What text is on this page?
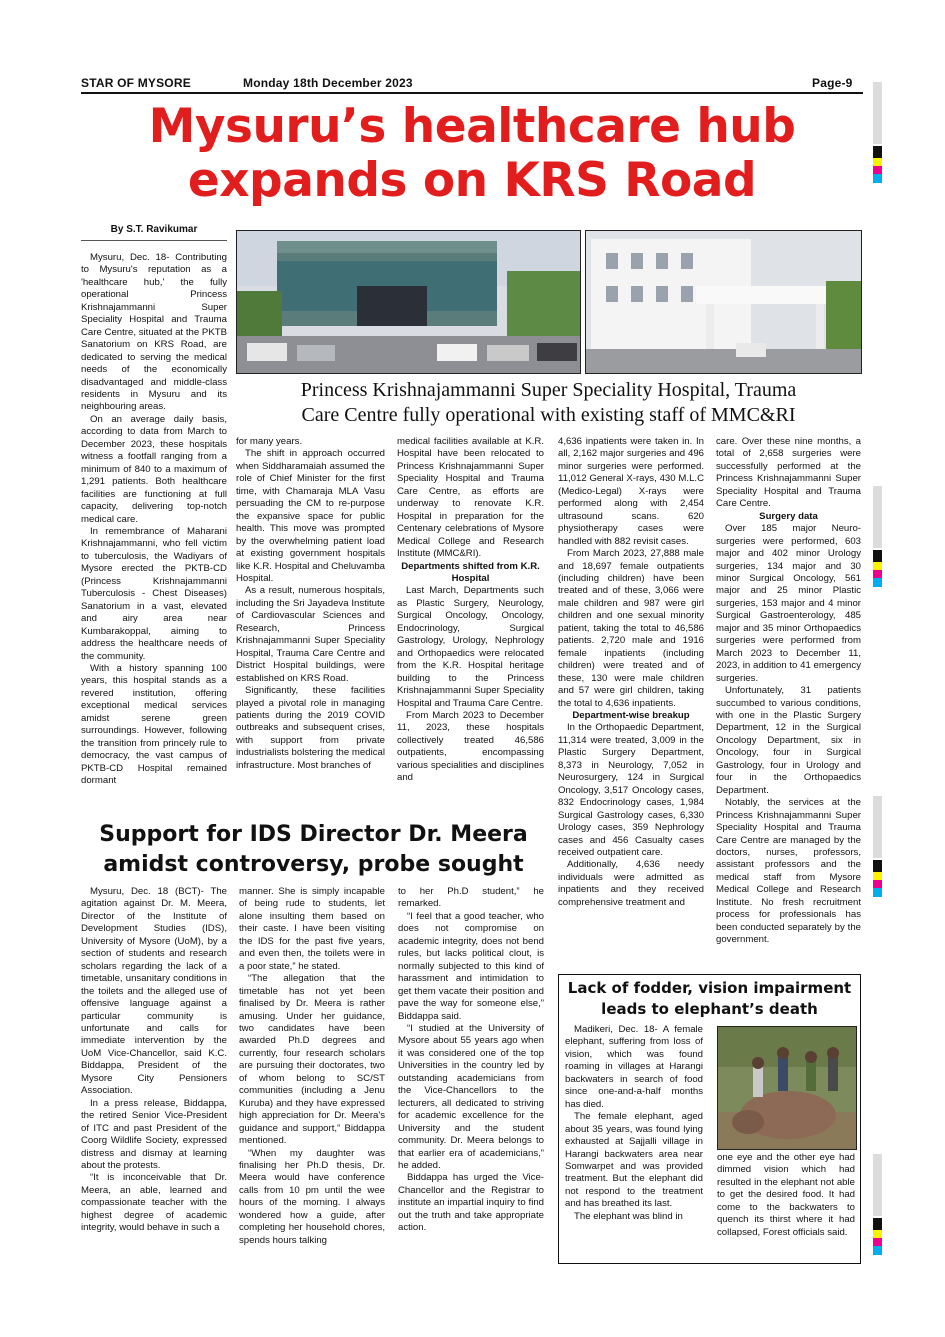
STAR OF MYSORE	Monday 18th December 2023	Page-9
Mysuru’s healthcare hub
expands on KRS Road
By S.T. Ravikumar

Mysuru, Dec. 18- Contributing to Mysuru's reputation as a 'healthcare hub,' the fully operational Princess Krishnajammanni Super Speciality Hospital and Trauma Care Centre, situated at the PKTB Sanatorium on KRS Road, are dedicated to serving the medical needs of the economically disadvantaged and middle-class residents in Mysuru and its neighbouring areas.

On an average daily basis, according to data from March to December 2023, these hospitals witness a footfall ranging from a minimum of 840 to a maximum of 1,291 patients. Both healthcare facilities are functioning at full capacity, delivering top-notch medical care.

In remembrance of Maharani Krishnajammanni, who fell victim to tuberculosis, the Wadiyars of Mysore erected the PKTB-CD (Princess Krishnajammanni Tuberculosis - Chest Diseases) Sanatorium in a vast, elevated and airy area near Kumbarakoppal, aiming to address the healthcare needs of the community.

With a history spanning 100 years, this hospital stands as a revered institution, offering exceptional medical services amidst serene green surroundings. However, following the transition from princely rule to democracy, the vast campus of PKTB-CD Hospital remained dormant

Princess Krishnajammanni Super Speciality Hospital, Trauma
Care Centre fully operational with existing staff of MMC&RI

for many years.

The shift in approach occurred when Siddharamaiah assumed the role of Chief Minister for the first time, with Chamaraja MLA Vasu persuading the CM to re-purpose the expansive space for public health. This move was prompted by the overwhelming patient load at existing government hospitals like K.R. Hospital and Cheluvamba Hospital.

As a result, numerous hospitals, including the Sri Jayadeva Institute of Cardiovascular Sciences and Research, Princess Krishnajammanni Super Speciality Hospital, Trauma Care Centre and District Hospital buildings, were established on KRS Road.

Significantly, these facilities played a pivotal role in managing patients during the 2019 COVID outbreaks and subsequent crises, with support from private industrialists bolstering the medical infrastructure. Most branches of

medical facilities available at K.R. Hospital have been relocated to Princess Krishnajammanni Super Speciality Hospital and Trauma Care Centre, as efforts are underway to renovate K.R. Hospital in preparation for the Centenary celebrations of Mysore Medical College and Research Institute (MMC&RI).

Departments shifted from K.R. Hospital

Last March, Departments such as Plastic Surgery, Neurology, Surgical Oncology, Oncology, Endocrinology, Surgical Gastrology, Urology, Nephrology and Orthopaedics were relocated from the K.R. Hospital heritage building to the Princess Krishnajammanni Super Speciality Hospital and Trauma Care Centre.

From March 2023 to December 11, 2023, these hospitals collectively treated 46,586 outpatients, encompassing various specialities and disciplines and

4,636 inpatients were taken in. In all, 2,162 major surgeries and 496 minor surgeries were performed. 11,012 General X-rays, 430 M.L.C (Medico-Legal) X-rays were performed along with 2,454 ultrasound scans. 620 physiotherapy cases were handled with 882 revisit cases.

From March 2023, 27,888 male and 18,697 female outpatients (including children) have been treated and of these, 3,066 were male children and 987 were girl children and one sexual minority patient, taking the total to 46,586 patients. 2,720 male and 1916 female inpatients (including children) were treated and of these, 130 were male children and 57 were girl children, taking the total to 4,636 inpatients.

Department-wise breakup

In the Orthopaedic Department, 11,314 were treated, 3,009 in the Plastic Surgery Department, 8,373 in Neurology, 7,052 in Neurosurgery, 124 in Surgical Oncology, 3,517 Oncology cases, 832 Endocrinology cases, 1,984 Surgical Gastrology cases, 6,330 Urology cases, 359 Nephrology cases and 456 Casualty cases received outpatient care.

Additionally, 4,636 needy individuals were admitted as inpatients and they received comprehensive treatment and

care. Over these nine months, a total of 2,658 surgeries were successfully performed at the Princess Krishnajammanni Super Speciality Hospital and Trauma Care Centre.

Surgery data

Over 185 major Neuro-surgeries were performed, 603 major and 402 minor Urology surgeries, 134 major and 30 minor Surgical Oncology, 561 major and 25 minor Plastic surgeries, 153 major and 4 minor Surgical Gastroenterology, 485 major and 35 minor Orthopaedics surgeries were performed from March 2023 to December 11, 2023, in addition to 41 emergency surgeries.

Unfortunately, 31 patients succumbed to various conditions, with one in the Plastic Surgery Department, 12 in the Surgical Oncology Department, six in Oncology, four in Surgical Gastrology, four in Urology and four in the Orthopaedics Department.

Notably, the services at the Princess Krishnajammanni Super Speciality Hospital and Trauma Care Centre are managed by the doctors, nurses, professors, assistant professors and the medical staff from Mysore Medical College and Research Institute. No fresh recruitment process for professionals has been conducted separately by the government.

Support for IDS Director Dr. Meera
amidst controversy, probe sought

Mysuru, Dec. 18 (BCT)- The agitation against Dr. M. Meera, Director of the Institute of Development Studies (IDS), University of Mysore (UoM), by a section of students and research scholars regarding the lack of a timetable, unsanitary conditions in the toilets and the alleged use of offensive language against a particular community is unfortunate and calls for immediate intervention by the UoM Vice-Chancellor, said K.C. Biddappa, President of the Mysore City Pensioners Association.

In a press release, Biddappa, the retired Senior Vice-President of ITC and past President of the Coorg Wildlife Society, expressed distress and dismay at learning about the protests.

“It is inconceivable that Dr. Meera, an able, learned and compassionate teacher with the highest degree of academic integrity, would behave in such a

manner. She is simply incapable of being rude to students, let alone insulting them based on their caste. I have been visiting the IDS for the past five years, and even then, the toilets were in a poor state,” he stated.

“The allegation that the timetable has not yet been finalised by Dr. Meera is rather amusing. Under her guidance, two candidates have been awarded Ph.D degrees and currently, four research scholars are pursuing their doctorates, two of whom belong to SC/ST communities (including a Jenu Kuruba) and they have expressed high appreciation for Dr. Meera's guidance and support,” Biddappa mentioned.

“When my daughter was finalising her Ph.D thesis, Dr. Meera would have conference calls from 10 pm until the wee hours of the morning. I always wondered how a guide, after completing her household chores, spends hours talking

to her Ph.D student,” he remarked.

“I feel that a good teacher, who does not compromise on academic integrity, does not bend rules, but lacks political clout, is normally subjected to this kind of harassment and intimidation to get them vacate their position and pave the way for someone else,” Biddappa said.

“I studied at the University of Mysore about 55 years ago when it was considered one of the top Universities in the country led by outstanding academicians from the Vice-Chancellors to the lecturers, all dedicated to striving for academic excellence for the University and the student community. Dr. Meera belongs to that earlier era of academicians,” he added.

Biddappa has urged the Vice-Chancellor and the Registrar to institute an impartial inquiry to find out the truth and take appropriate action.

Lack of fodder, vision impairment
leads to elephant’s death

Madikeri, Dec. 18- A female elephant, suffering from loss of vision, which was found roaming in villages at Harangi backwaters in search of food since one-and-a-half months has died.

The female elephant, aged about 35 years, was found lying exhausted at Sajjalli village in Harangi backwaters area near Somwarpet and was provided treatment. But the elephant did not respond to the treatment and has breathed its last.

The elephant was blind in

one eye and the other eye had dimmed vision which had resulted in the elephant not able to get the desired food. It had come to the backwaters to quench its thirst where it had collapsed, Forest officials said.
